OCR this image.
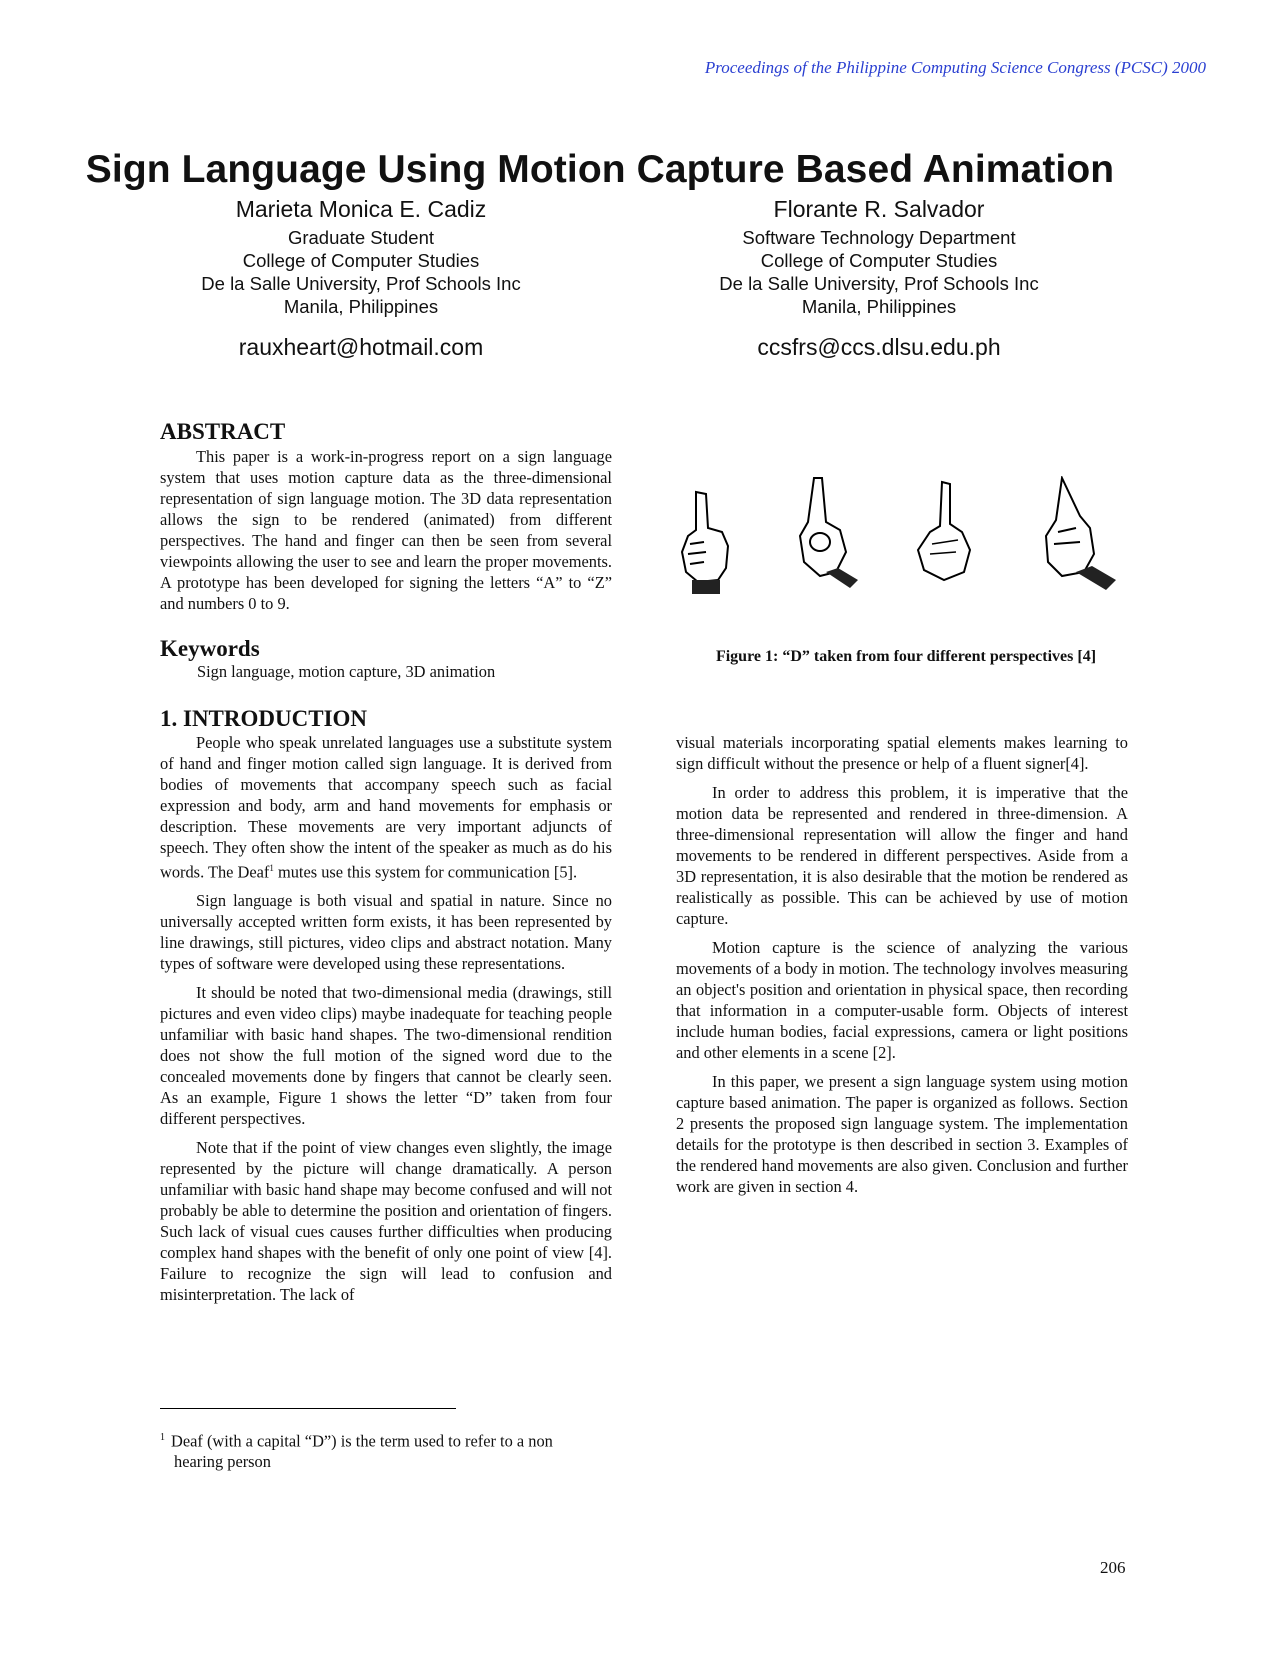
Proceedings of the Philippine Computing Science Congress (PCSC) 2000
Sign Language Using Motion Capture Based Animation
Marieta Monica E. Cadiz
Graduate Student
College of Computer Studies
De la Salle University, Prof Schools Inc
Manila, Philippines
rauxheart@hotmail.com
Florante R. Salvador
Software Technology Department
College of Computer Studies
De la Salle University, Prof Schools Inc
Manila, Philippines
ccsfrs@ccs.dlsu.edu.ph
ABSTRACT

This paper is a work-in-progress report on a sign language system that uses motion capture data as the three-dimensional representation of sign language motion. The 3D data representation allows the sign to be rendered (animated) from different perspectives. The hand and finger can then be seen from several viewpoints allowing the user to see and learn the proper movements. A prototype has been developed for signing the letters “A” to “Z” and numbers 0 to 9.

Keywords
Sign language, motion capture, 3D animation
Figure 1: “D” taken from four different perspectives [4]
1. INTRODUCTION

People who speak unrelated languages use a substitute system of hand and finger motion called sign language. It is derived from bodies of movements that accompany speech such as facial expression and body, arm and hand movements for emphasis or description. These movements are very important adjuncts of speech. They often show the intent of the speaker as much as do his words. The Deaf$^1$ mutes use this system for communication [5].

Sign language is both visual and spatial in nature. Since no universally accepted written form exists, it has been represented by line drawings, still pictures, video clips and abstract notation. Many types of software were developed using these representations.

It should be noted that two-dimensional media (drawings, still pictures and even video clips) maybe inadequate for teaching people unfamiliar with basic hand shapes. The two-dimensional rendition does not show the full motion of the signed word due to the concealed movements done by fingers that cannot be clearly seen. As an example, Figure 1 shows the letter “D” taken from four different perspectives.

Note that if the point of view changes even slightly, the image represented by the picture will change dramatically. A person unfamiliar with basic hand shape may become confused and will not probably be able to determine the position and orientation of fingers. Such lack of visual cues causes further difficulties when producing complex hand shapes with the benefit of only one point of view [4]. Failure to recognize the sign will lead to confusion and misinterpretation. The lack of

visual materials incorporating spatial elements makes learning to sign difficult without the presence or help of a fluent signer[4].

In order to address this problem, it is imperative that the motion data be represented and rendered in three-dimension. A three-dimensional representation will allow the finger and hand movements to be rendered in different perspectives. Aside from a 3D representation, it is also desirable that the motion be rendered as realistically as possible. This can be achieved by use of motion capture.

Motion capture is the science of analyzing the various movements of a body in motion. The technology involves measuring an object's position and orientation in physical space, then recording that information in a computer-usable form. Objects of interest include human bodies, facial expressions, camera or light positions and other elements in a scene [2].

In this paper, we present a sign language system using motion capture based animation. The paper is organized as follows. Section 2 presents the proposed sign language system. The implementation details for the prototype is then described in section 3. Examples of the rendered hand movements are also given. Conclusion and further work are given in section 4.

$^1$ Deaf (with a capital “D”) is the term used to refer to a non
hearing person
206
